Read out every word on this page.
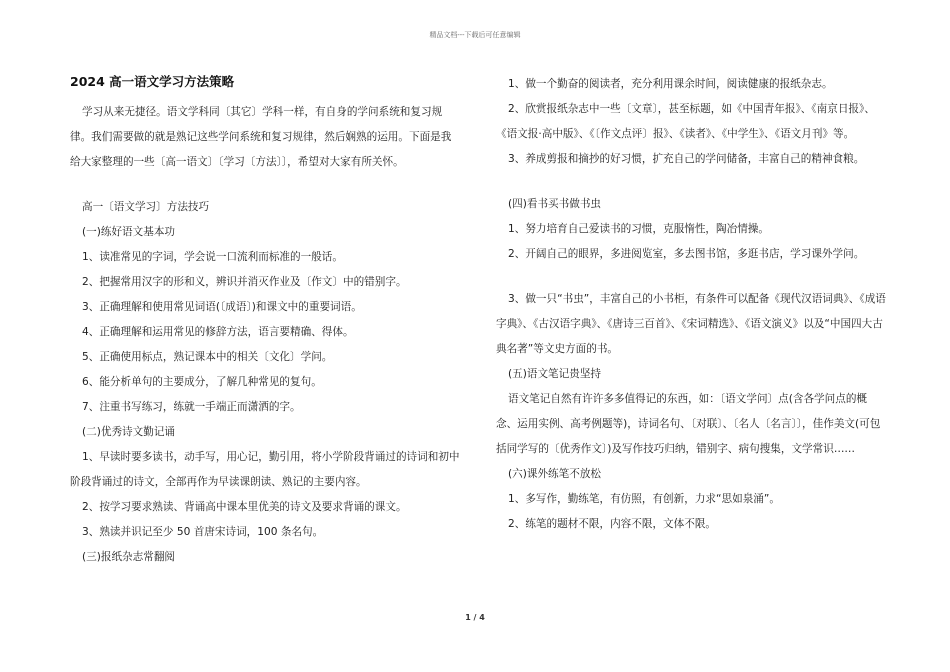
精品文档---下载后可任意编辑
2024 高一语文学习方法策略

学习从来无捷径。语文学科同〔其它〕学科一样，有自身的学问系统和复习规律。我们需要做的就是熟记这些学问系统和复习规律，然后娴熟的运用。下面是我给大家整理的一些〔高一语文〕〔学习〔方法〕〕，希望对大家有所关怀。

高一〔语文学习〕方法技巧

(一)练好语文基本功

1、读准常见的字词，学会说一口流利而标准的一般话。

2、把握常用汉字的形和义，辨识并消灭作业及〔作文〕中的错别字。

3、正确理解和使用常见词语(〔成语〕)和课文中的重要词语。

4、正确理解和运用常见的修辞方法，语言要精确、得体。

5、正确使用标点，熟记课本中的相关〔文化〕学问。

6、能分析单句的主要成分，了解几种常见的复句。

7、注重书写练习，练就一手端正而潇洒的字。

(二)优秀诗文勤记诵

1、早读时要多读书，动手写，用心记，勤引用，将小学阶段背诵过的诗词和初中阶段背诵过的诗文，全部再作为早读课朗读、熟记的主要内容。

2、按学习要求熟读、背诵高中课本里优美的诗文及要求背诵的课文。

3、熟读并识记至少 50 首唐宋诗词，100 条名句。

(三)报纸杂志常翻阅

1、做一个勤奋的阅读者，充分利用课余时间，阅读健康的报纸杂志。

2、欣赏报纸杂志中一些〔文章〕，甚至标题，如《中国青年报》、《南京日报》、《语文报·高中版》、《〔作文点评〕报》、《读者》、《中学生》、《语文月刊》等。

3、养成剪报和摘抄的好习惯，扩充自己的学问储备，丰富自己的精神食粮。

(四)看书买书做书虫

1、努力培育自己爱读书的习惯，克服惰性，陶冶情操。

2、开阔自己的眼界，多进阅览室，多去图书馆，多逛书店，学习课外学问。

3、做一只“书虫”，丰富自己的小书柜，有条件可以配备《现代汉语词典》、《成语字典》、《古汉语字典》、《唐诗三百首》、《宋词精选》、《语文演义》以及“中国四大古典名著”等文史方面的书。

(五)语文笔记贵坚持

语文笔记自然有许许多多值得记的东西，如：〔语文学问〕点(含各学问点的概念、运用实例、高考例题等)，诗词名句、〔对联〕、〔名人〔名言〕〕，佳作美文(可包括同学写的〔优秀作文〕)及写作技巧归纳，错别字、病句搜集，文学常识……

(六)课外练笔不放松

1、多写作，勤练笔，有仿照，有创新，力求“思如泉涌”。

2、练笔的题材不限，内容不限，文体不限。

1 / 4
